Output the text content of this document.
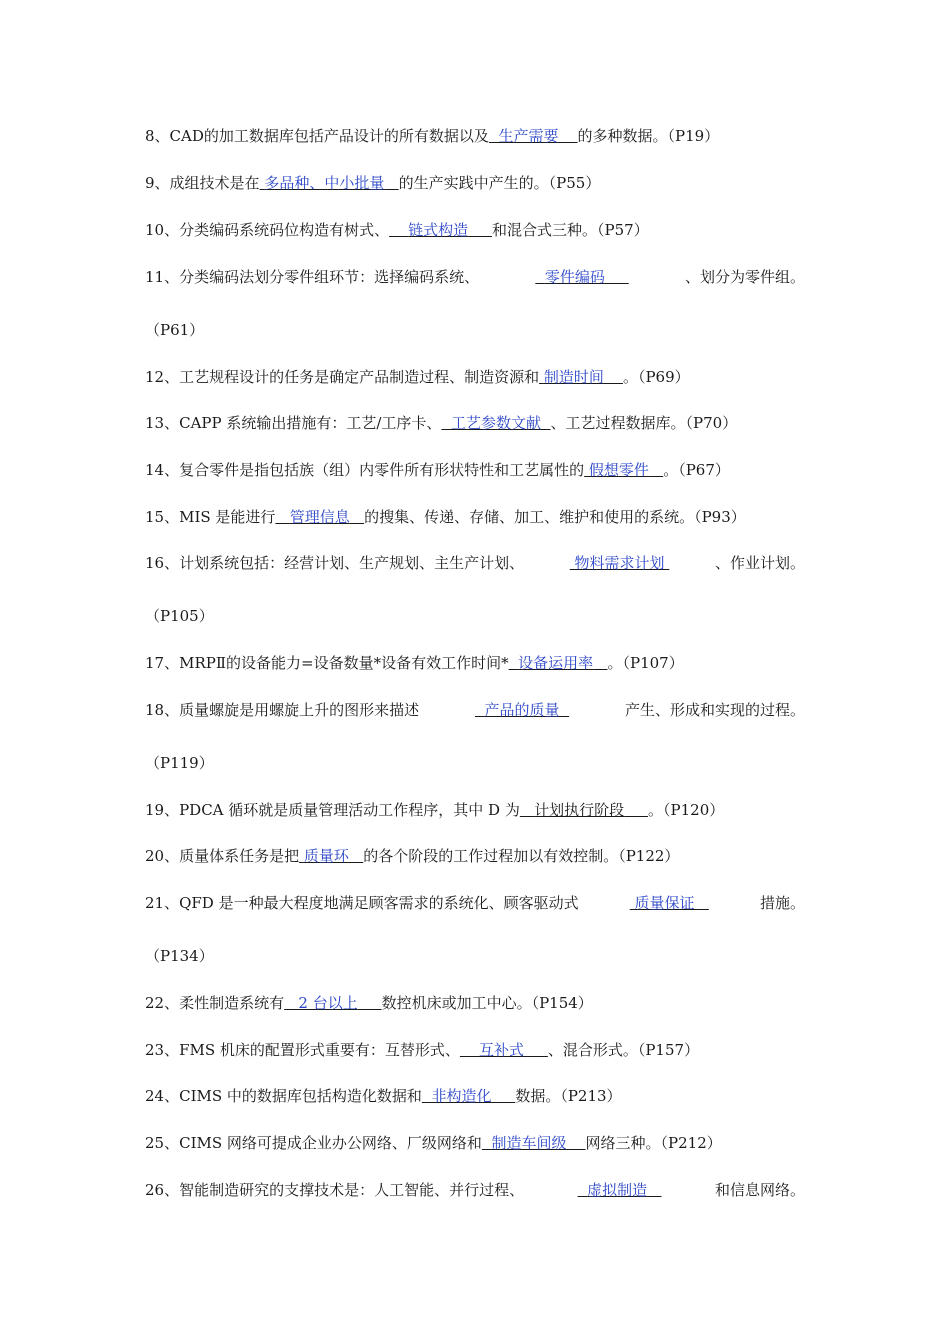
8、CAD的加工数据库包括产品设计的所有数据以及 生产需要 的多种数据。（P19）
9、成组技术是在 多品种、中小批量 的生产实践中产生的。（P55）
10、分类编码系统码位构造有树式、 链式构造 和混合式三种。（P57）
11、分类编码法划分零件组环节：选择编码系统、	零件编码	、划分为零件组。
（P61）
12、工艺规程设计的任务是确定产品制造过程、制造资源和 制造时间 。（P69）
13、CAPP 系统输出措施有：工艺/工序卡、 工艺参数文献 、工艺过程数据库。（P70）
14、复合零件是指包括族（组）内零件所有形状特性和工艺属性的 假想零件 。（P67）
15、MIS 是能进行 管理信息 的搜集、传递、存储、加工、维护和使用的系统。（P93）
16、计划系统包括：经营计划、生产规划、主生产计划、	物料需求计划	、作业计划。
（P105）
17、MRPⅡ的设备能力=设备数量*设备有效工作时间* 设备运用率 。（P107）
18、质量螺旋是用螺旋上升的图形来描述	产品的质量	产生、形成和实现的过程。
（P119）
19、PDCA 循环就是质量管理活动工作程序，其中 D 为 计划执行阶段 。（P120）
20、质量体系任务是把 质量环 的各个阶段的工作过程加以有效控制。（P122）
21、QFD 是一种最大程度地满足顾客需求的系统化、顾客驱动式	质量保证	措施。
（P134）
22、柔性制造系统有 2 台以上 数控机床或加工中心。（P154）
23、FMS 机床的配置形式重要有：互替形式、 互补式 、混合形式。（P157）
24、CIMS 中的数据库包括构造化数据和 非构造化 数据。（P213）
25、CIMS 网络可提成企业办公网络、厂级网络和 制造车间级 网络三种。（P212）
26、智能制造研究的支撑技术是：人工智能、并行过程、	虚拟制造	和信息网络。
